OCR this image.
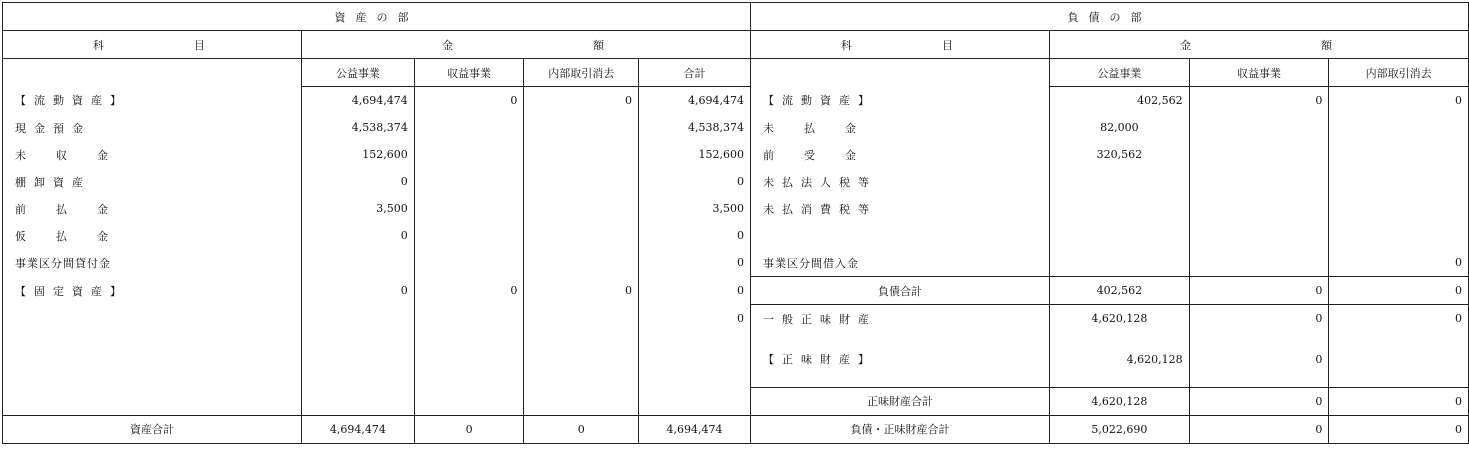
資産の部					負債の部			
科目	金額				科目	金額		
	公益事業	収益事業	内部取引消去	合計		公益事業	収益事業	内部取引消去
【流動資産】	4,694,474	0	0	4,694,474	【流動資産】	402,562	0	0
現金預金	4,538,374			4,538,374	未払金	82,000		
未収金	152,600			152,600	前受金	320,562		
棚卸資産	0			0	未払法人税等			
前払金	3,500			3,500	未払消費税等			
仮払金	0			0				
事業区分間貸付金				0	事業区分間借入金			0
【固定資産】	0	0	0	0	負債合計	402,562	0	0
				0	一般正味財産	4,620,128	0	0
					【正味財産】	4,620,128	0	
					正味財産合計	4,620,128	0	0
資産合計	4,694,474	0	0	4,694,474	負債・正味財産合計	5,022,690	0	0
